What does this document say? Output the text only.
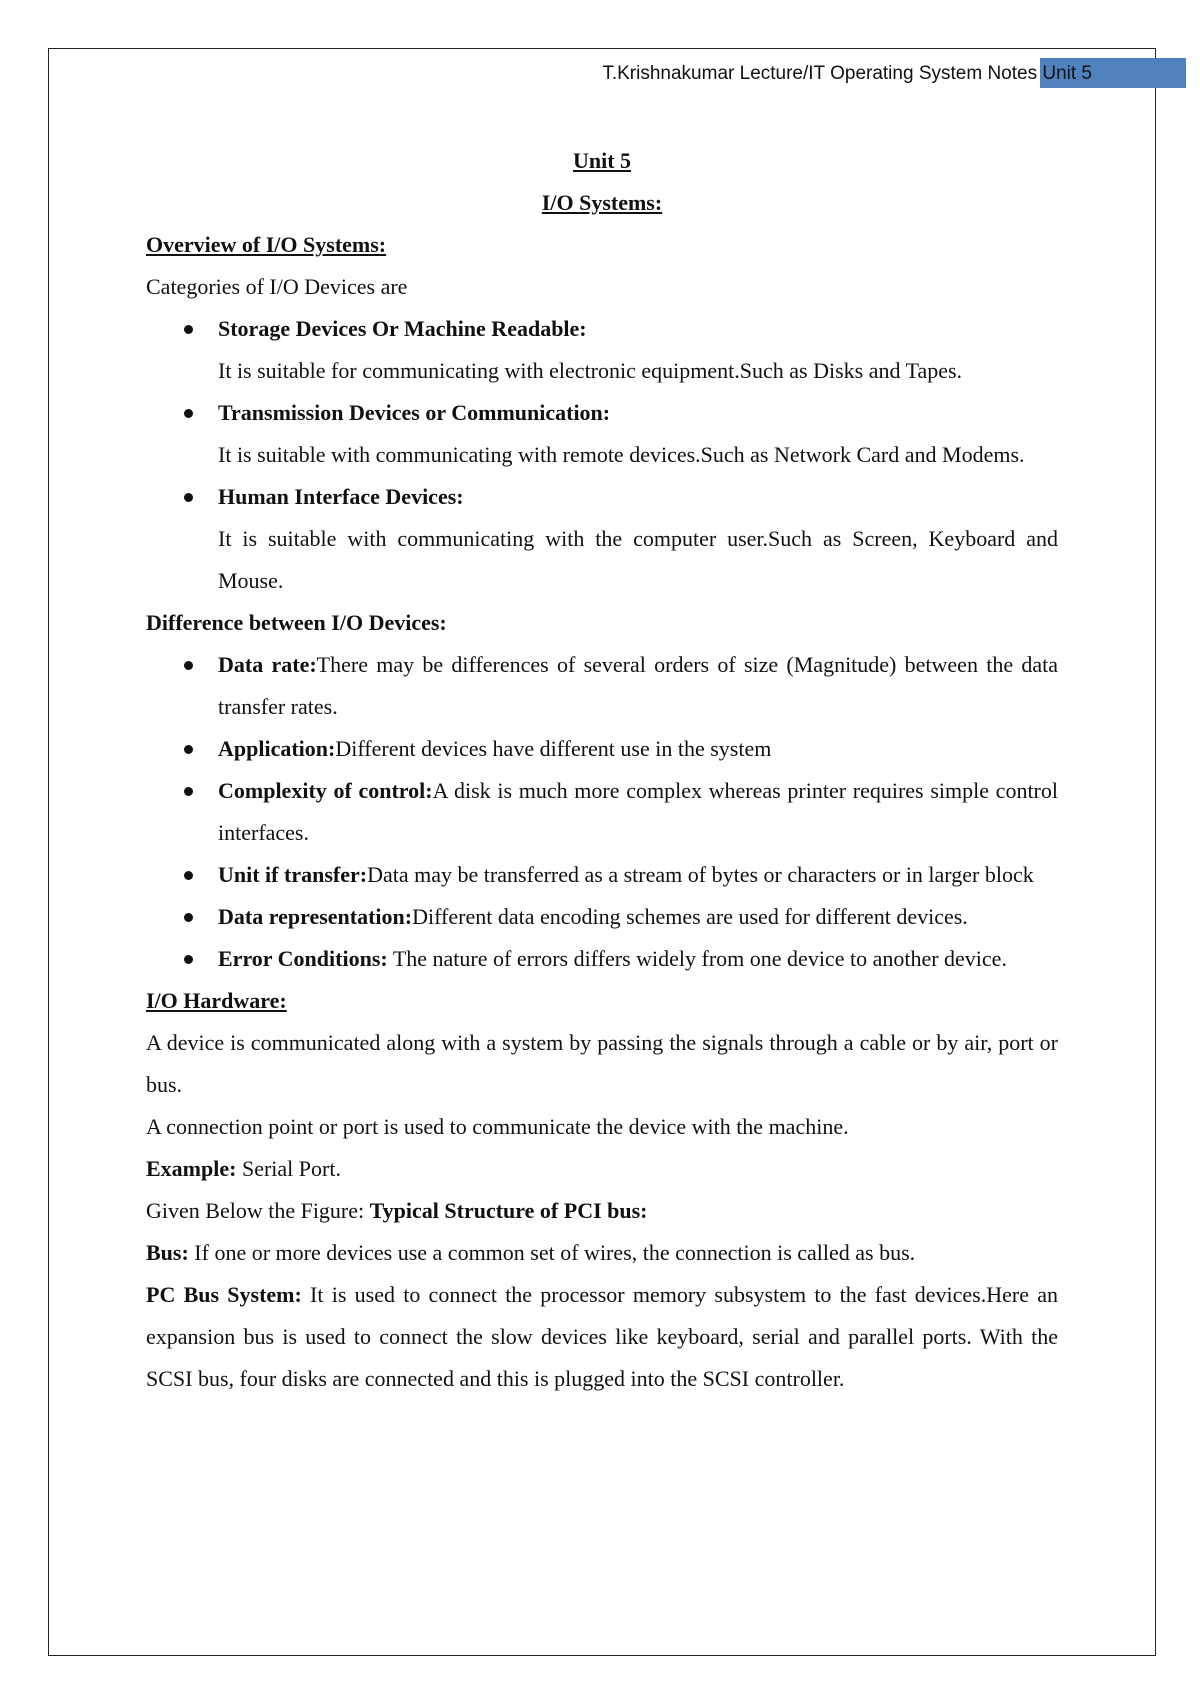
T.Krishnakumar Lecture/IT Operating System Notes Unit 5

Unit 5

I/O Systems:

Overview of I/O Systems:

Categories of I/O Devices are

Storage Devices Or Machine Readable:
It is suitable for communicating with electronic equipment.Such as Disks and Tapes.
Transmission Devices or Communication:
It is suitable with communicating with remote devices.Such as Network Card and Modems.
Human Interface Devices:
It is suitable with communicating with the computer user.Such as Screen, Keyboard and Mouse.

Difference between I/O Devices:

Data rate:There may be differences of several orders of size (Magnitude) between the data transfer rates.
Application:Different devices have different use in the system
Complexity of control:A disk is much more complex whereas printer requires simple control interfaces.
Unit if transfer:Data may be transferred as a stream of bytes or characters or in larger block
Data representation:Different data encoding schemes are used for different devices.
Error Conditions: The nature of errors differs widely from one device to another device.

I/O Hardware:

A device is communicated along with a system by passing the signals through a cable or by air, port or bus.

A connection point or port is used to communicate the device with the machine.

Example: Serial Port.

Given Below the Figure: Typical Structure of PCI bus:

Bus: If one or more devices use a common set of wires, the connection is called as bus.

PC Bus System: It is used to connect the processor memory subsystem to the fast devices.Here an expansion bus is used to connect the slow devices like keyboard, serial and parallel ports. With the SCSI bus, four disks are connected and this is plugged into the SCSI controller.
